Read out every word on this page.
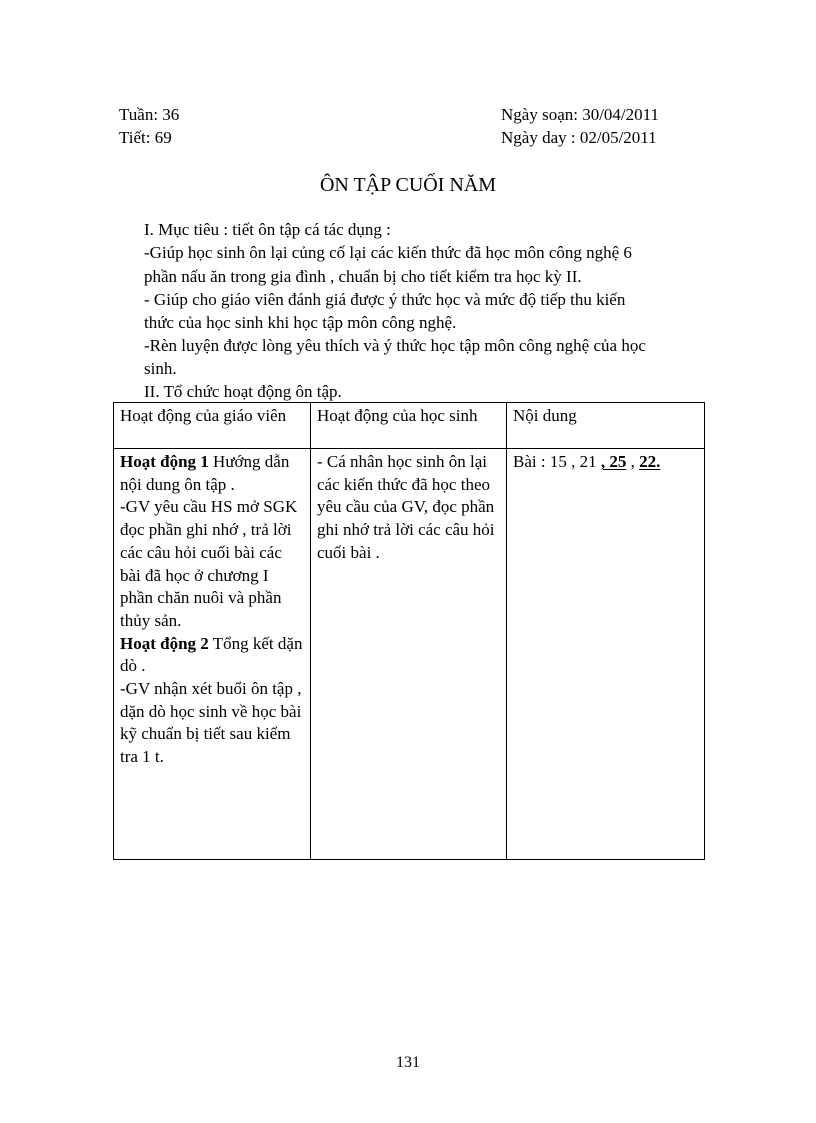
Tuần: 36
Tiết: 69
Ngày soạn: 30/04/2011
Ngày day : 02/05/2011
ÔN TẬP CUỐI NĂM
I. Mục tiêu : tiết ôn tập cá tác dụng :
-Giúp học sinh ôn lại củng cố lại các kiến thức đã học môn công nghệ 6
phần nấu ăn trong gia đình , chuẩn bị cho tiết kiểm tra học kỳ II.
- Giúp cho giáo viên đánh giá được ý thức học và mức độ tiếp thu kiến
thức của học sinh khi học tập môn công nghệ.
-Rèn luyện được lòng yêu thích và ý thức học tập môn công nghệ của học
sinh.
II. Tổ chức hoạt động ôn tập.
Hoạt động của giáo viên	Hoạt động của học sinh	Nội dung

Hoạt động 1 Hướng dẫn nội dung ôn tập .

-GV yêu cầu HS mở SGK đọc phần ghi nhớ , trả lời các câu hỏi cuối bài các bài đã học ở chương I phần chăn nuôi và phần thủy sản.

Hoạt động 2 Tổng kết dặn dò .

-GV nhận xét buổi ôn tập , dặn dò học sinh về học bài kỹ chuẩn bị tiết sau kiểm tra 1 t.	- Cá nhân học sinh ôn lại các kiến thức đã học theo yêu cầu của GV, đọc phần ghi nhớ trả lời các câu hỏi cuối bài .	Bài : 15 , 21 , 25 , 22.
131
